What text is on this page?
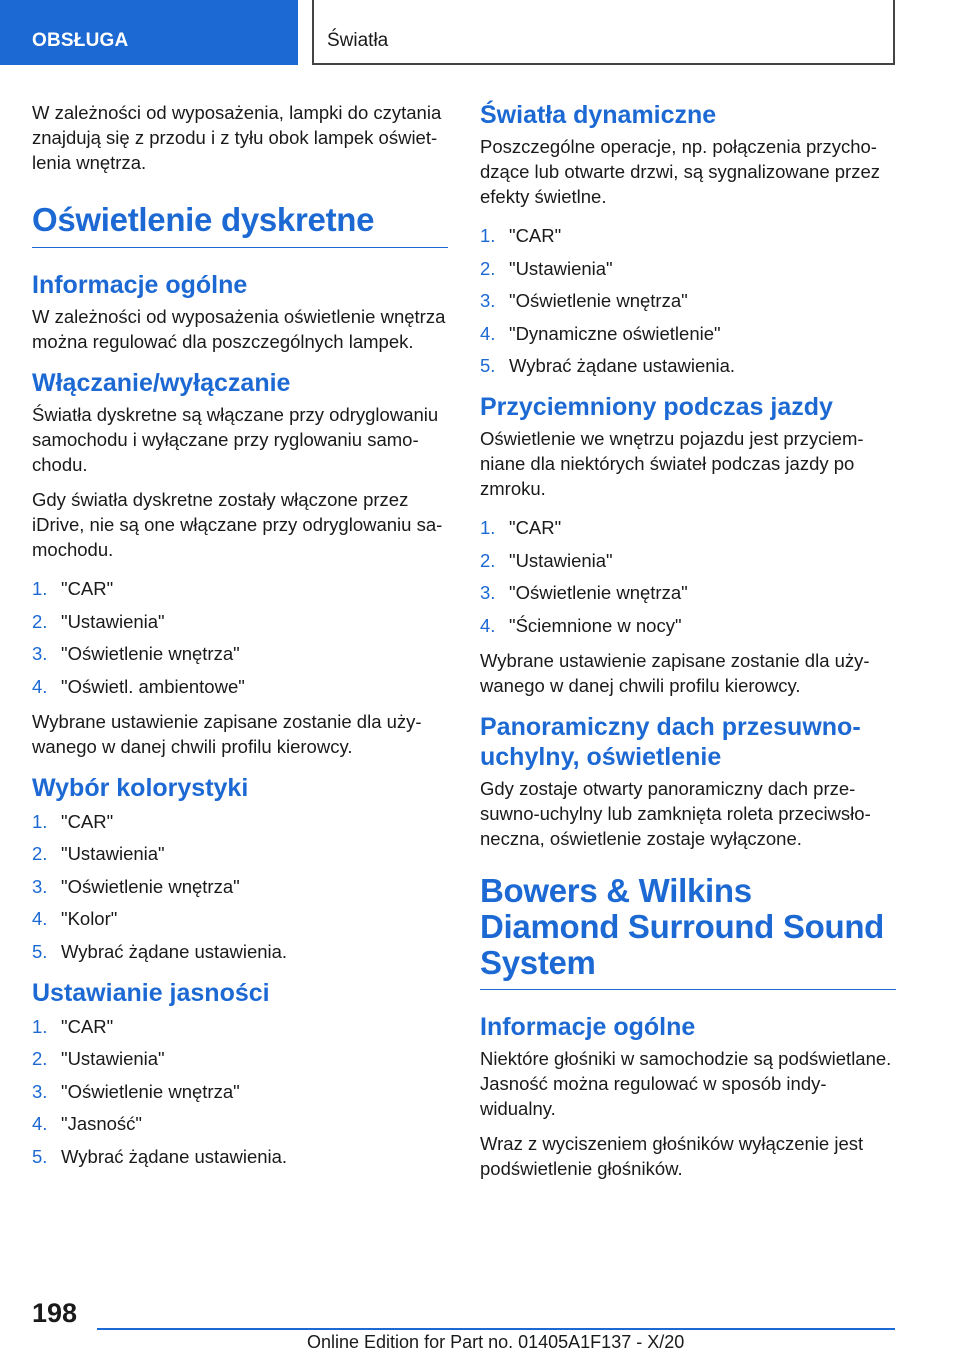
OBSŁUGA	Światła

W zależności od wyposażenia, lampki do czytania znajdują się z przodu i z tyłu obok lampek oświetlenia wnętrza.

Oświetlenie dyskretne
Informacje ogólne

W zależności od wyposażenia oświetlenie wnętrza można regulować dla poszczególnych lampek.

Włączanie/wyłączanie

Światła dyskretne są włączane przy odryglowaniu samochodu i wyłączane przy ryglowaniu samochodu.

Gdy światła dyskretne zostały włączone przez iDrive, nie są one włączane przy odryglowaniu samochodu.

1. "CAR"
2. "Ustawienia"
3. "Oświetlenie wnętrza"
4. "Oświetl. ambientowe"

Wybrane ustawienie zapisane zostanie dla używanego w danej chwili profilu kierowcy.

Wybór kolorystyki
1. "CAR"
2. "Ustawienia"
3. "Oświetlenie wnętrza"
4. "Kolor"
5. Wybrać żądane ustawienia.
Ustawianie jasności
1. "CAR"
2. "Ustawienia"
3. "Oświetlenie wnętrza"
4. "Jasność"
5. Wybrać żądane ustawienia.
Światła dynamiczne

Poszczególne operacje, np. połączenia przychodzące lub otwarte drzwi, są sygnalizowane przez efekty świetlne.

1. "CAR"
2. "Ustawienia"
3. "Oświetlenie wnętrza"
4. "Dynamiczne oświetlenie"
5. Wybrać żądane ustawienia.
Przyciemniony podczas jazdy

Oświetlenie we wnętrzu pojazdu jest przyciemniane dla niektórych świateł podczas jazdy po zmroku.

1. "CAR"
2. "Ustawienia"
3. "Oświetlenie wnętrza"
4. "Ściemnione w nocy"

Wybrane ustawienie zapisane zostanie dla używanego w danej chwili profilu kierowcy.

Panoramiczny dach przesuwno-uchylny, oświetlenie

Gdy zostaje otwarty panoramiczny dach przesuwno-uchylny lub zamknięta roleta przeciwsłoneczna, oświetlenie zostaje wyłączone.

Bowers & Wilkins Diamond Surround Sound System
Informacje ogólne

Niektóre głośniki w samochodzie są podświetlane. Jasność można regulować w sposób indywidualny.

Wraz z wyciszeniem głośników wyłączenie jest podświetlenie głośników.

198
Online Edition for Part no. 01405A1F137 - X/20
